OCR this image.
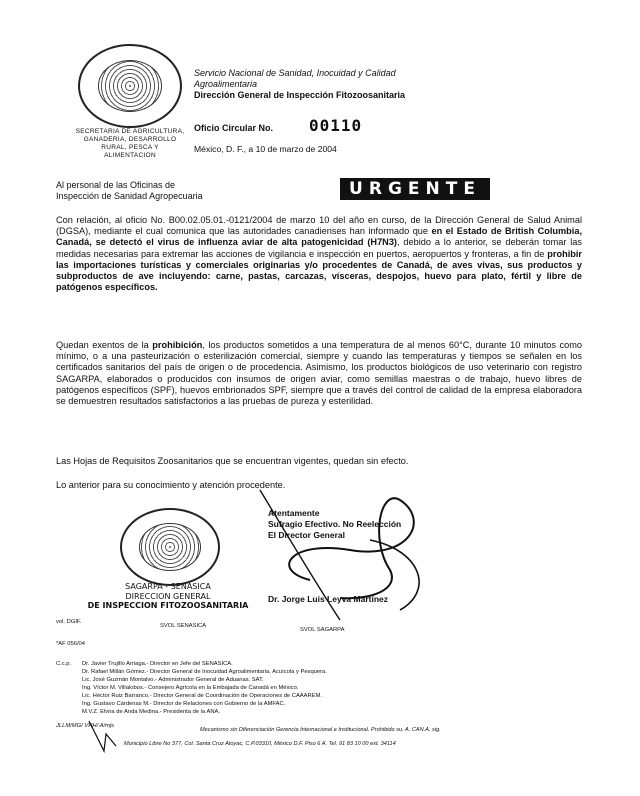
SECRETARIA DE AGRICULTURA,
GANADERIA, DESARROLLO
RURAL, PESCA Y
ALIMENTACION
Servicio Nacional de Sanidad, Inocuidad y Calidad
Agroalimentaria
Dirección General de Inspección Fitozoosanitaria
Oficio Circular No. 00110
México, D. F., a 10 de marzo de 2004
Al personal de las Oficinas de
Inspección de Sanidad Agropecuaria	URGENTE
Con relación, al oficio No. B00.02.05.01.-0121/2004 de marzo 10 del año en curso, de la Dirección General de Salud Animal (DGSA), mediante el cual comunica que las autoridades canadienses han informado que en el Estado de British Columbia, Canadá, se detectó el virus de influenza aviar de alta patogenicidad (H7N3), debido a lo anterior, se deberán tomar las medidas necesarias para extremar las acciones de vigilancia e inspección en puertos, aeropuertos y fronteras, a fin de prohibir las importaciones turísticas y comerciales originarias y/o procedentes de Canadá, de aves vivas, sus productos y subproductos de ave incluyendo: carne, pastas, carcazas, vísceras, despojos, huevo para plato, fértil y libre de patógenos específicos.
Quedan exentos de la prohibición, los productos sometidos a una temperatura de al menos 60°C, durante 10 minutos como mínimo, o a una pasteurización o esterilización comercial, siempre y cuando las temperaturas y tiempos se señalen en los certificados sanitarios del país de origen o de procedencia. Asimismo, los productos biológicos de uso veterinario con registro SAGARPA, elaborados o producidos con insumos de origen aviar, como semillas maestras o de trabajo, huevo libres de patógenos específicos (SPF), huevos embrionados SPF, siempre que a través del control de calidad de la empresa elaboradora se demuestren resultados satisfactorios a las pruebas de pureza y esterilidad.
Las Hojas de Requisitos Zoosanitarios que se encuentran vigentes, quedan sin efecto.
Lo anterior para su conocimiento y atención procedente.
Atentamente
Sufragio Efectivo. No Reelección
El Director General
Dr. Jorge Luis Leyva Martínez
SAGARPA - SENASICA
DIRECCION GENERAL
DE INSPECCION FITOZOOSANITARIA
vol. DGIF.
SVOL SENASICA
SVOL SAGARPA
*AF 056/04
C.c.p. Dr. Javier Trujillo Arriaga.- Director en Jefe del SENASICA.
Dr. Rafael Millán Gómez.- Director General de Inocuidad Agroalimentaria, Acuícola y Pesquera.
Lic. José Guzmán Montalvo.- Administrador General de Aduanas. SAT.
Ing. Víctor M. Villalobos.- Consejero Agrícola en la Embajada de Canadá en México.
Lic. Héctor Ruiz Barranco.- Director General de Coordinación de Operaciones de CAAAREM.
Ing. Gustavo Cárdenas M.- Director de Relaciones con Gobierno de la AMFAC.
M.V.Z. Elvira de Anda Medina.- Presidenta de la ANA.
JLLM/MG/ VHH/ A/mjs
Mecanismo sin Diferenciación Gerencia Internacional e Institucional. Prohibido su. A. CAN.A. sig.
Municipio Libre No 377, Col. Santa Cruz Atoyac, C.P.03310, México D.F. Piso 6 A. Tel. 91 83 10 00 ext. 34114
